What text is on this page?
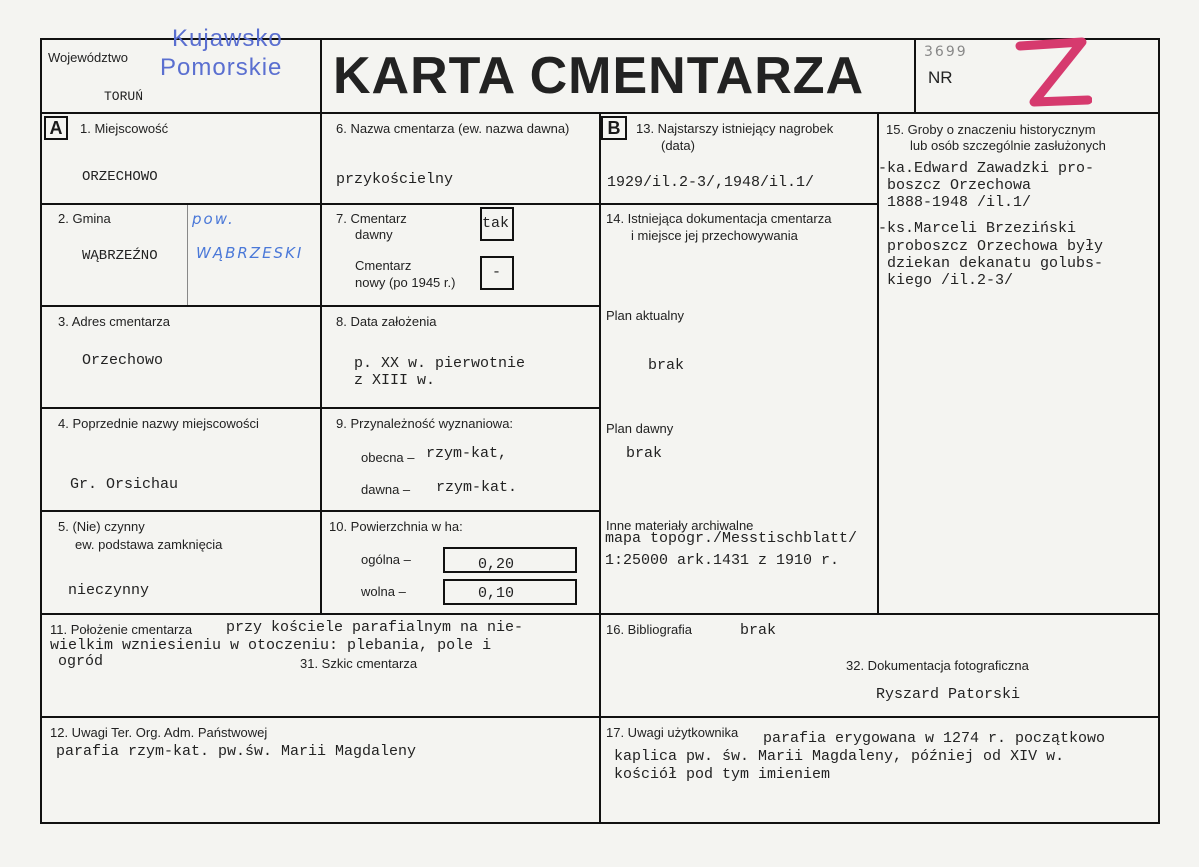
Województwo
Kujawsko
Pomorskie
TORUŃ	KARTA CMENTARZA	NR
3699
A	B
1. Miejscowość
ORZECHOWO
2. Gmina
WĄBRZEŹNO
pow.
WĄBRZESKI
3. Adres cmentarza
Orzechowo
4. Poprzednie nazwy miejscowości
Gr. Orsichau
5. (Nie) czynny
ew. podstawa zamknięcia
nieczynny
6. Nazwa cmentarza (ew. nazwa dawna)
przykościelny
7. Cmentarz
dawny
tak
Cmentarz
nowy (po 1945 r.)
-
8. Data założenia
p. XX w. pierwotnie
z XIII w.
9. Przynależność wyznaniowa:
obecna – rzym-kat,
dawna – rzym-kat.
10. Powierzchnia w ha:
ogólna –	0,20
wolna –	0,10
11. Położenie cmentarza przy kościele parafialnym na nie-
wielkim wzniesieniu w otoczeniu: plebania, pole i
ogród	31. Szkic cmentarza
12. Uwagi Ter. Org. Adm. Państwowej
parafia rzym-kat. pw.św. Marii Magdaleny
13. Najstarszy istniejący nagrobek
(data)
1929/il.2-3/,1948/il.1/
14. Istniejąca dokumentacja cmentarza
i miejsce jej przechowywania
Plan aktualny
brak
Plan dawny
brak
Inne materiały archiwalne
mapa topogr./Messtischblatt/
1:25000 ark.1431 z 1910 r.
15. Groby o znaczeniu historycznym
lub osób szczególnie zasłużonych
-ka.Edward Zawadzki pro-
boszcz Orzechowa
1888-1948 /il.1/
-ks.Marceli Brzeziński
proboszcz Orzechowa były
dziekan dekanatu golubs-
kiego /il.2-3/
16. Bibliografia	brak
32. Dokumentacja fotograficzna
Ryszard Patorski
17. Uwagi użytkownika parafia erygowana w 1274 r. początkowo
kaplica pw. św. Marii Magdaleny, później od XIV w.
kościół pod tym imieniem
